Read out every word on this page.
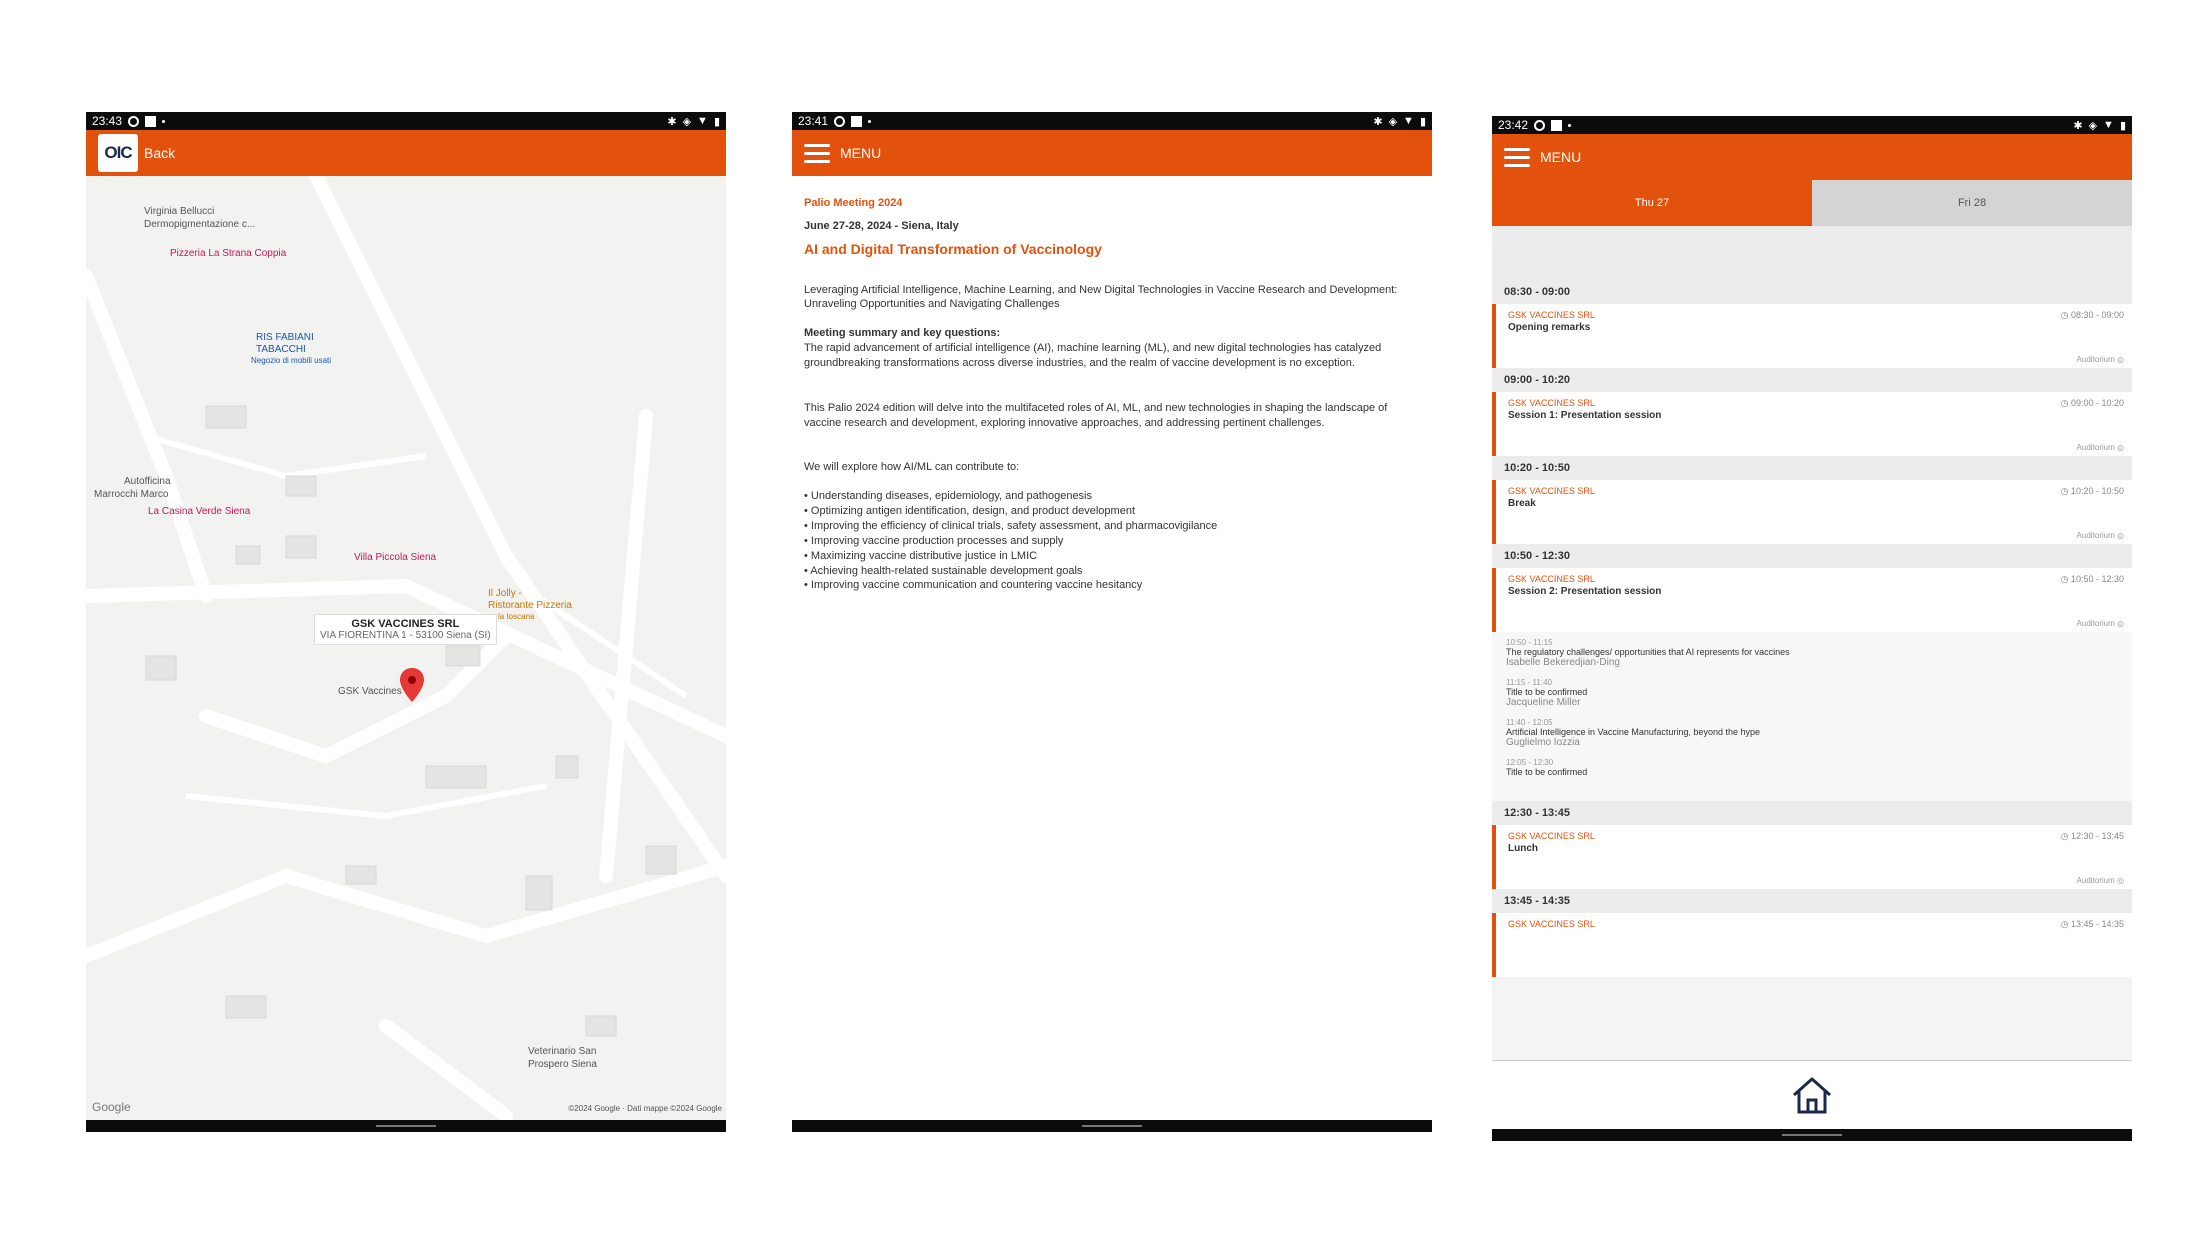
23:43	✱ ◈ ▼ ▮
OIC Back
Virginia Bellucci
Dermopigmentazione c...
Pizzeria La Strana Coppia
RIS FABIANI
TABACCHI
Negozio di mobili usati
Autofficina
Marrocchi Marco
La Casina Verde Siena
Villa Piccola Siena
Il Jolly -
Ristorante Pizzeria
la toscana
GSK VACCINES SRL
VIA FIORENTINA 1 - 53100 Siena (SI)
GSK Vaccines
Veterinario San
Prospero Siena
Google	©2024 Google · Dati mappe ©2024 Google
23:41	✱ ◈ ▼ ▮
MENU
Palio Meeting 2024
June 27-28, 2024 - Siena, Italy
AI and Digital Transformation of Vaccinology
Leveraging Artificial Intelligence, Machine Learning, and New Digital Technologies in Vaccine Research and Development:
Unraveling Opportunities and Navigating Challenges
Meeting summary and key questions:
The rapid advancement of artificial intelligence (AI), machine learning (ML), and new digital technologies has catalyzed groundbreaking transformations across diverse industries, and the realm of vaccine development is no exception.
This Palio 2024 edition will delve into the multifaceted roles of AI, ML, and new technologies in shaping the landscape of vaccine research and development, exploring innovative approaches, and addressing pertinent challenges.
We will explore how AI/ML can contribute to:
• Understanding diseases, epidemiology, and pathogenesis
• Optimizing antigen identification, design, and product development
• Improving the efficiency of clinical trials, safety assessment, and pharmacovigilance
• Improving vaccine production processes and supply
• Maximizing vaccine distributive justice in LMIC
• Achieving health-related sustainable development goals
• Improving vaccine communication and countering vaccine hesitancy
23:42	✱ ◈ ▼ ▮
MENU
Thu 27	Fri 28
08:30 - 09:00
GSK VACCINES SRL
Opening remarks
◷ 08:30 - 09:00
Auditorium ◎
09:00 - 10:20
GSK VACCINES SRL
Session 1: Presentation session
◷ 09:00 - 10:20
Auditorium ◎
10:20 - 10:50
GSK VACCINES SRL
Break
◷ 10:20 - 10:50
Auditorium ◎
10:50 - 12:30
GSK VACCINES SRL
Session 2: Presentation session
◷ 10:50 - 12:30
Auditorium ◎
10:50 - 11:15
The regulatory challenges/ opportunities that AI represents for vaccines
Isabelle Bekeredjian-Ding
11:15 - 11:40
Title to be confirmed
Jacqueline Miller
11:40 - 12:05
Artificial Intelligence in Vaccine Manufacturing, beyond the hype
Guglielmo Iozzia
12:05 - 12:30
Title to be confirmed
12:30 - 13:45
GSK VACCINES SRL
Lunch
◷ 12:30 - 13:45
Auditorium ◎
13:45 - 14:35
GSK VACCINES SRL	◷ 13:45 - 14:35
